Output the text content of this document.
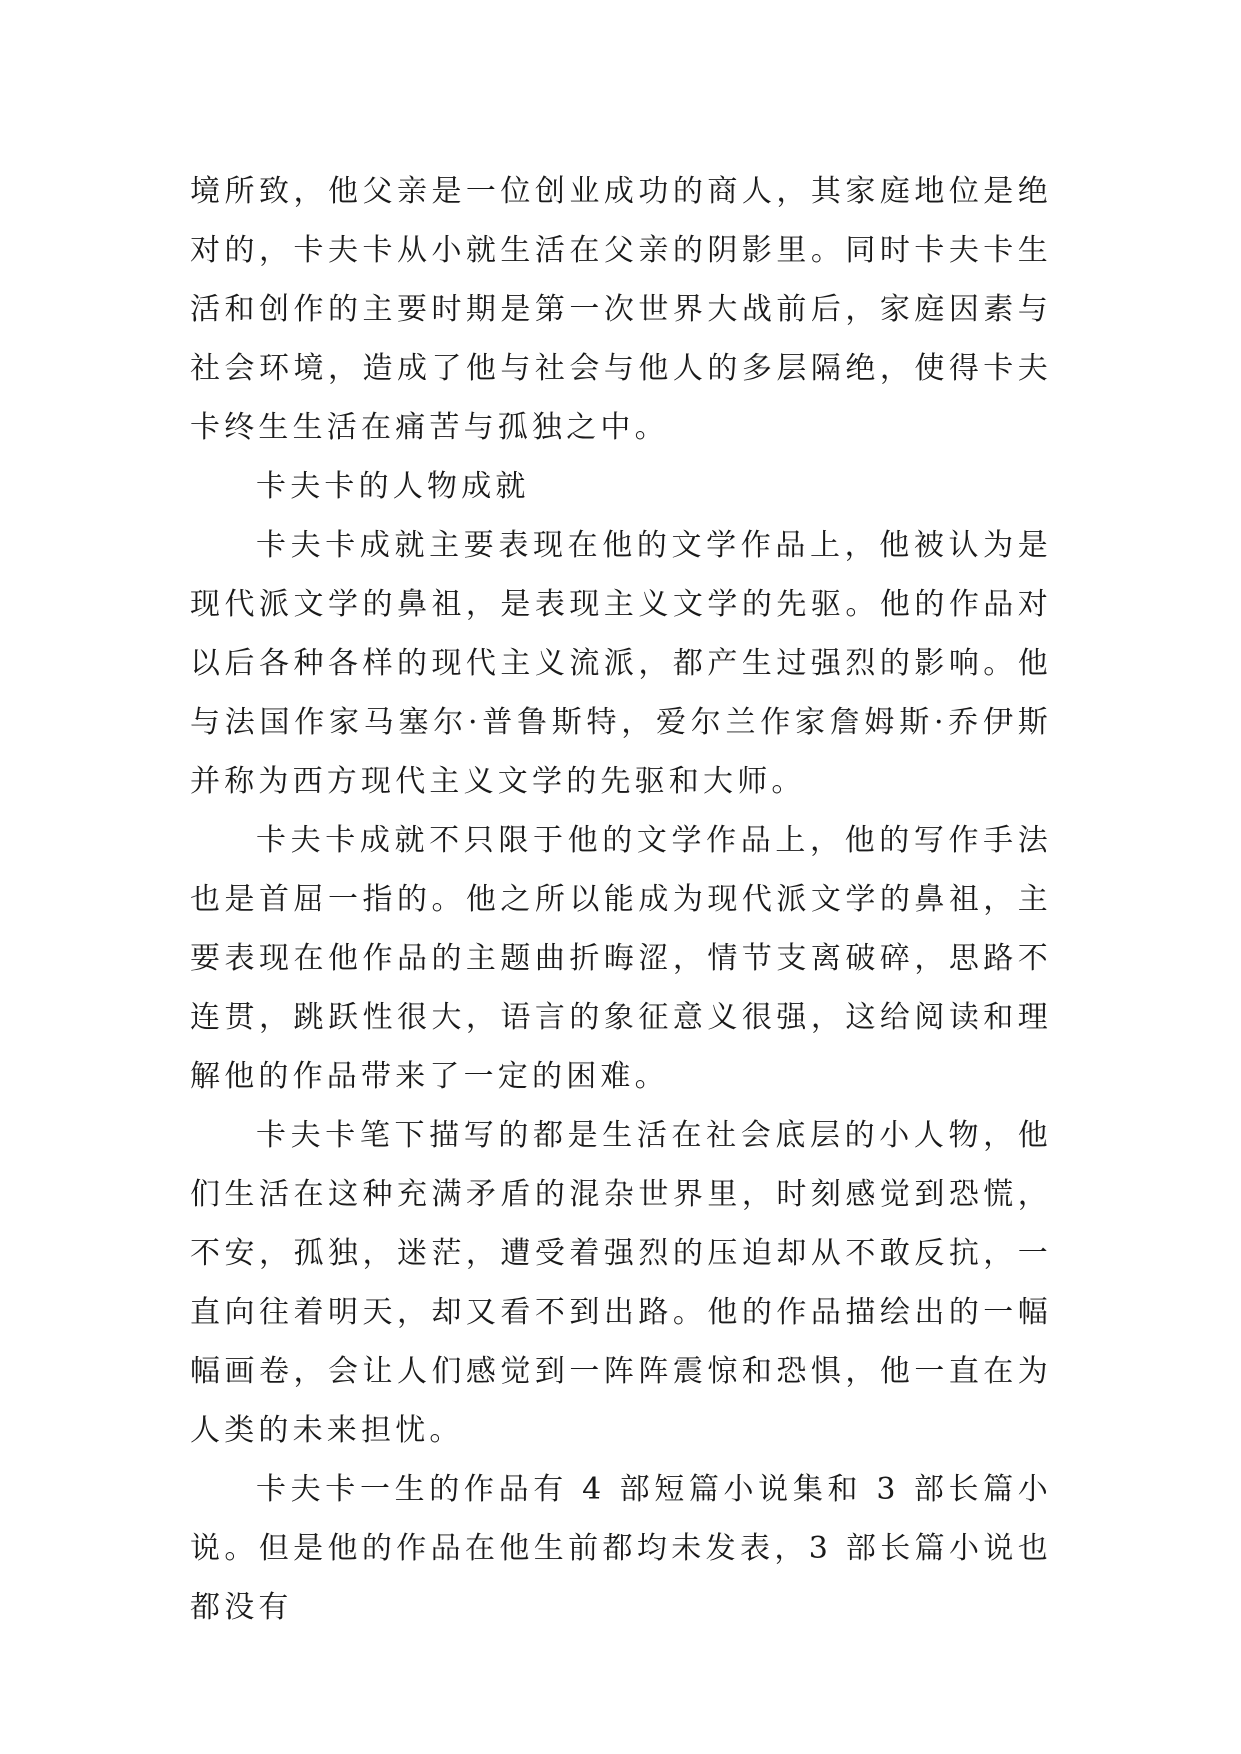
境所致，他父亲是一位创业成功的商人，其家庭地位是绝对的，卡夫卡从小就生活在父亲的阴影里。同时卡夫卡生活和创作的主要时期是第一次世界大战前后，家庭因素与社会环境，造成了他与社会与他人的多层隔绝，使得卡夫卡终生生活在痛苦与孤独之中。

卡夫卡的人物成就

卡夫卡成就主要表现在他的文学作品上，他被认为是现代派文学的鼻祖，是表现主义文学的先驱。他的作品对以后各种各样的现代主义流派，都产生过强烈的影响。他与法国作家马塞尔·普鲁斯特，爱尔兰作家詹姆斯·乔伊斯并称为西方现代主义文学的先驱和大师。

卡夫卡成就不只限于他的文学作品上，他的写作手法也是首屈一指的。他之所以能成为现代派文学的鼻祖，主要表现在他作品的主题曲折晦涩，情节支离破碎，思路不连贯，跳跃性很大，语言的象征意义很强，这给阅读和理解他的作品带来了一定的困难。

卡夫卡笔下描写的都是生活在社会底层的小人物，他们生活在这种充满矛盾的混杂世界里，时刻感觉到恐慌，不安，孤独，迷茫，遭受着强烈的压迫却从不敢反抗，一直向往着明天，却又看不到出路。他的作品描绘出的一幅幅画卷，会让人们感觉到一阵阵震惊和恐惧，他一直在为人类的未来担忧。

卡夫卡一生的作品有 4 部短篇小说集和 3 部长篇小说。但是他的作品在他生前都均未发表，3 部长篇小说也都没有
